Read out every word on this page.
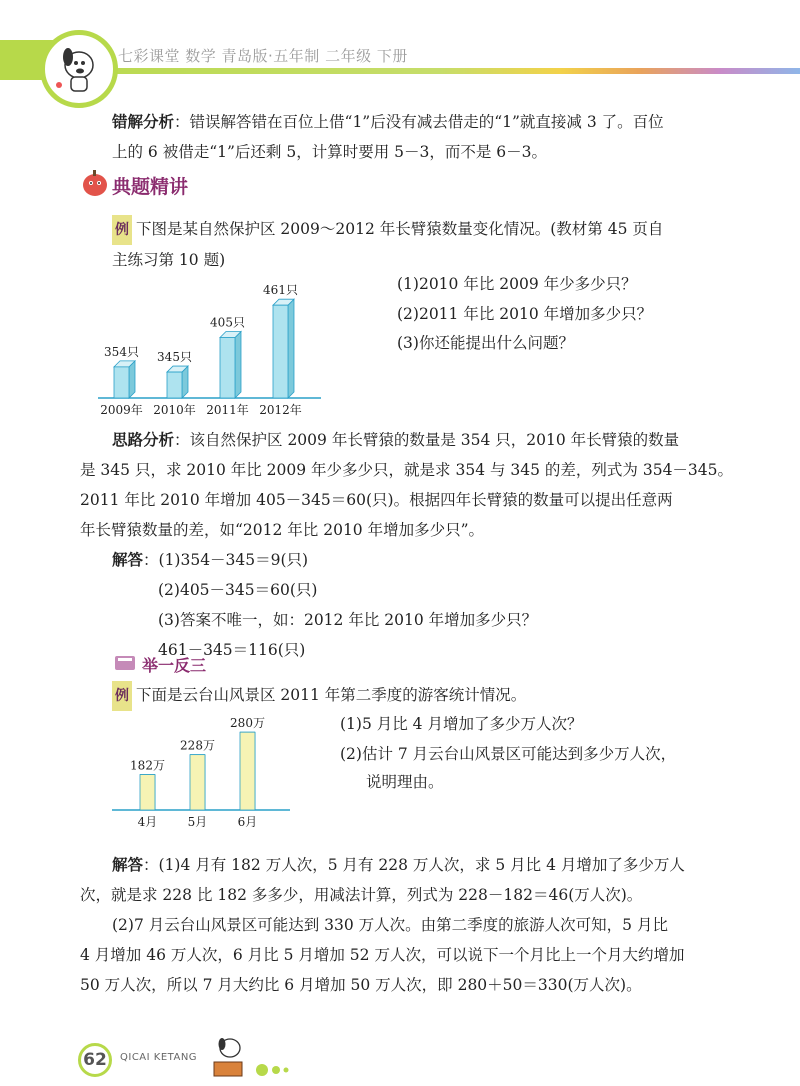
七彩课堂 数学 青岛版·五年制 二年级 下册
错解分析：错误解答错在百位上借“1”后没有减去借走的“1”就直接减 3 了。百位
上的 6 被借走“1”后还剩 5，计算时要用 5－3，而不是 6－3。
典题精讲
例 下图是某自然保护区 2009～2012 年长臂猿数量变化情况。(教材第 45 页自
主练习第 10 题)
354只
2009年
345只
2010年
405只
2011年
461只
2012年
(1)2010 年比 2009 年少多少只？
(2)2011 年比 2010 年增加多少只？
(3)你还能提出什么问题？
思路分析：该自然保护区 2009 年长臂猿的数量是 354 只，2010 年长臂猿的数量
是 345 只，求 2010 年比 2009 年少多少只，就是求 354 与 345 的差，列式为 354－345。
2011 年比 2010 年增加 405－345＝60(只)。根据四年长臂猿的数量可以提出任意两
年长臂猿数量的差，如“2012 年比 2010 年增加多少只”。
解答：(1)354－345＝9(只)
(2)405－345＝60(只)
(3)答案不唯一，如：2012 年比 2010 年增加多少只？
461－345＝116(只)
举一反三
例 下面是云台山风景区 2011 年第二季度的游客统计情况。
182万
4月
228万
5月
280万
6月
(1)5 月比 4 月增加了多少万人次？
(2)估计 7 月云台山风景区可能达到多少万人次，
说明理由。
解答：(1)4 月有 182 万人次，5 月有 228 万人次，求 5 月比 4 月增加了多少万人
次，就是求 228 比 182 多多少，用减法计算，列式为 228－182＝46(万人次)。
(2)7 月云台山风景区可能达到 330 万人次。由第二季度的旅游人次可知，5 月比
4 月增加 46 万人次，6 月比 5 月增加 52 万人次，可以说下一个月比上一个月大约增加
50 万人次，所以 7 月大约比 6 月增加 50 万人次，即 280＋50＝330(万人次)。
62	QICAI KETANG
